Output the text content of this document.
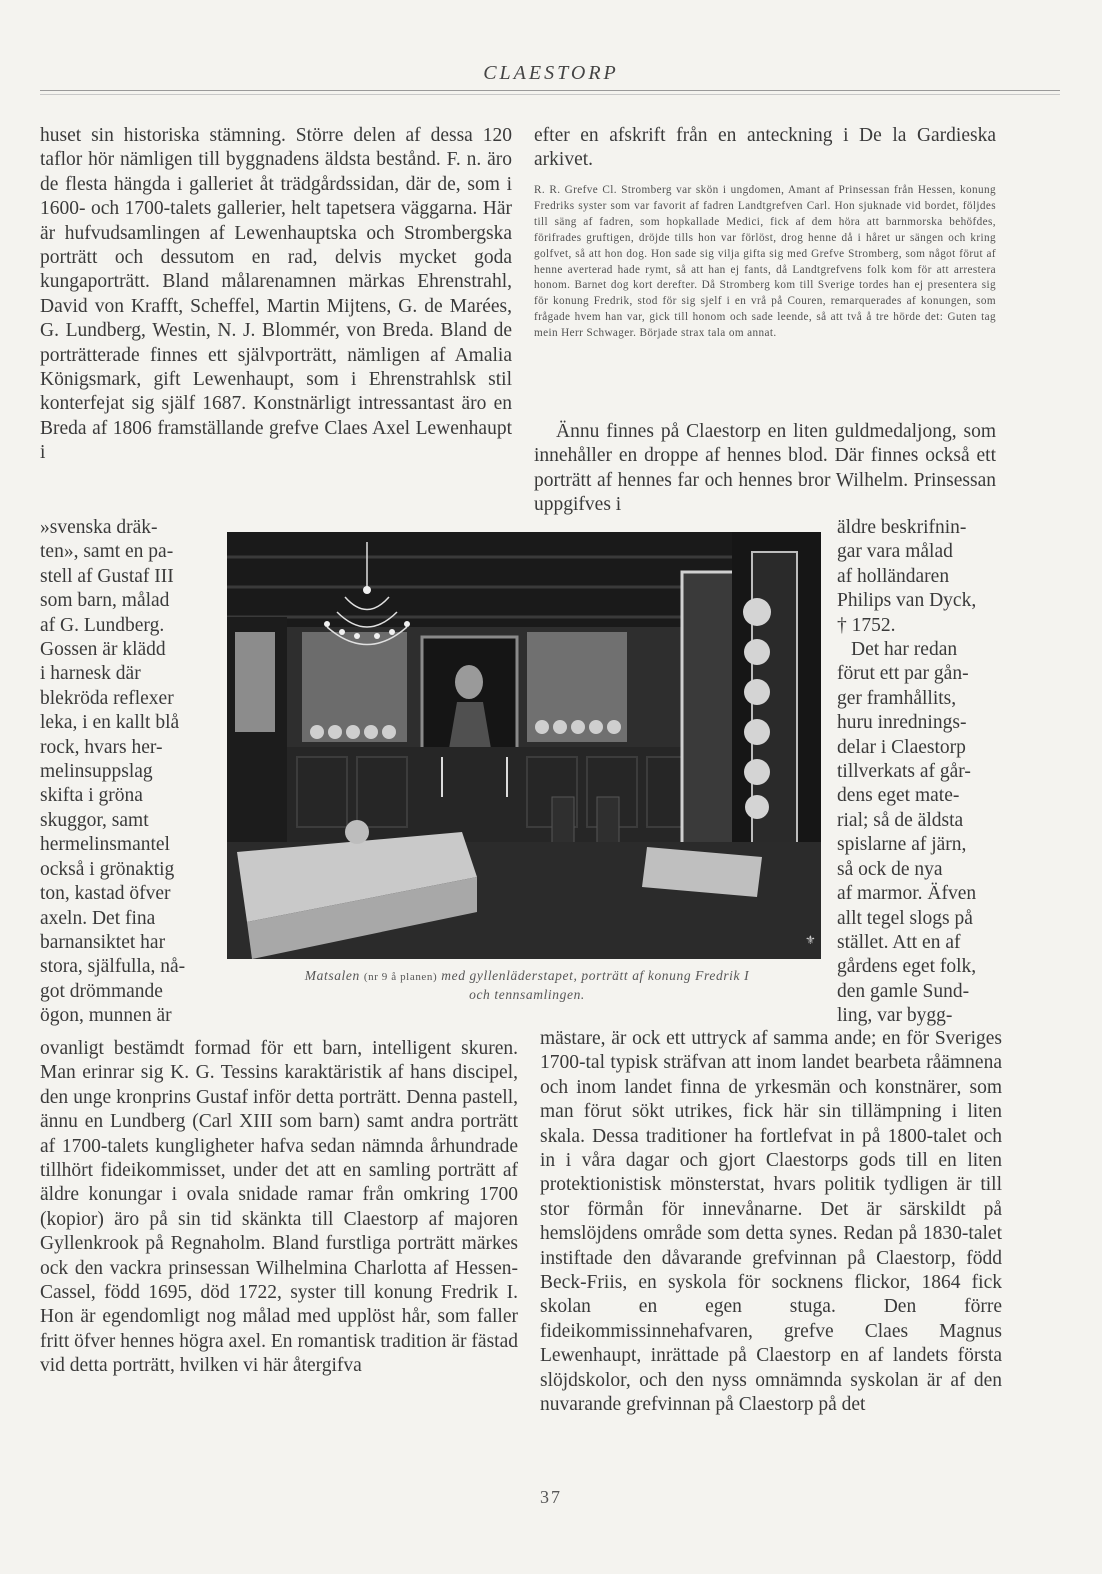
CLAESTORP

huset sin historiska stämning. Större delen af dessa 120 taflor hör nämligen till byggnadens äldsta bestånd. F. n. äro de flesta hängda i galleriet åt trädgårdssidan, där de, som i 1600- och 1700-talets gallerier, helt tapetsera väggarna. Här är hufvudsamlingen af Lewenhauptska och Strombergska porträtt och dessutom en rad, delvis mycket goda kungaporträtt. Bland målarenamnen märkas Ehrenstrahl, David von Krafft, Scheffel, Martin Mijtens, G. de Marées, G. Lundberg, Westin, N. J. Blommér, von Breda. Bland de porträtterade finnes ett självporträtt, nämligen af Amalia Königsmark, gift Lewenhaupt, som i Ehrenstrahlsk stil konterfejat sig själf 1687. Konstnärligt intressantast äro en Breda af 1806 framställande grefve Claes Axel Lewenhaupt i

»svenska dräk-
ten», samt en pa-
stell af Gustaf III
som barn, målad
af G. Lundberg.
Gossen är klädd
i harnesk där
blekröda reflexer
leka, i en kallt blå
rock, hvars her-
melinsuppslag
skifta i gröna
skuggor, samt
hermelinsmantel
också i grönaktig
ton, kastad öfver
axeln. Det fina
barnansiktet har
stora, själfulla, nå-
got drömmande
ögon, munnen är

ovanligt bestämdt formad för ett barn, intelligent skuren. Man erinrar sig K. G. Tessins karaktäristik af hans discipel, den unge kronprins Gustaf inför detta porträtt. Denna pastell, ännu en Lundberg (Carl XIII som barn) samt andra porträtt af 1700-talets kungligheter hafva sedan nämnda århundrade tillhört fideikommisset, under det att en samling porträtt af äldre konungar i ovala snidade ramar från omkring 1700 (kopior) äro på sin tid skänkta till Claestorp af majoren Gyllenkrook på Regnaholm. Bland furstliga porträtt märkes ock den vackra prinsessan Wilhelmina Charlotta af Hessen-Cassel, född 1695, död 1722, syster till konung Fredrik I. Hon är egendomligt nog målad med upplöst hår, som faller fritt öfver hennes högra axel. En romantisk tradition är fästad vid detta porträtt, hvilken vi här återgifva

efter en afskrift från en anteckning i De la Gardieska arkivet.

R. R. Grefve Cl. Stromberg var skön i ungdomen, Amant af Prinsessan från Hessen, konung Fredriks syster som var favorit af fadren Landtgrefven Carl. Hon sjuknade vid bordet, följdes till säng af fadren, som hopkallade Medici, fick af dem höra att barnmorska behöfdes, förifrades gruftigen, dröjde tills hon var förlöst, drog henne då i håret ur sängen och kring golfvet, så att hon dog. Hon sade sig vilja gifta sig med Grefve Stromberg, som något förut af henne averterad hade rymt, så att han ej fants, då Landtgrefvens folk kom för att arrestera honom. Barnet dog kort derefter. Då Stromberg kom till Sverige tordes han ej presentera sig för konung Fredrik, stod för sig sjelf i en vrå på Couren, remarquerades af konungen, som frågade hvem han var, gick till honom och sade leende, så att två å tre hörde det: Guten tag mein Herr Schwager. Började strax tala om annat.

Ännu finnes på Claestorp en liten guldmedaljong, som innehåller en droppe af hennes blod. Där finnes också ett porträtt af hennes far och hennes bror Wilhelm. Prinsessan uppgifves i

äldre beskrifnin-
gar vara målad
af holländaren
Philips van Dyck,
† 1752.
Det har redan
förut ett par gån-
ger framhållits,
huru inrednings-
delar i Claestorp
tillverkats af går-
dens eget mate-
rial; så de äldsta
spislarne af järn,
så ock de nya
af marmor. Äfven
allt tegel slogs på
stället. Att en af
gårdens eget folk,
den gamle Sund-
ling, var bygg-

mästare, är ock ett uttryck af samma ande; en för Sveriges 1700-tal typisk sträfvan att inom landet bearbeta råämnena och inom landet finna de yrkesmän och konstnärer, som man förut sökt utrikes, fick här sin tillämpning i liten skala. Dessa traditioner ha fortlefvat in på 1800-talet och in i våra dagar och gjort Claestorps gods till en liten protektionistisk mönsterstat, hvars politik tydligen är till stor förmån för innevånarne. Det är särskildt på hemslöjdens område som detta synes. Redan på 1830-talet instiftade den dåvarande grefvinnan på Claestorp, född Beck-Friis, en syskola för socknens flickor, 1864 fick skolan en egen stuga. Den förre fideikommissinnehafvaren, grefve Claes Magnus Lewenhaupt, inrättade på Claestorp en af landets första slöjdskolor, och den nyss omnämnda syskolan är af den nuvarande grefvinnan på Claestorp på det

⚜
Matsalen (nr 9 å planen) med gyllenläderstapet, porträtt af konung Fredrik I
och tennsamlingen.
37
